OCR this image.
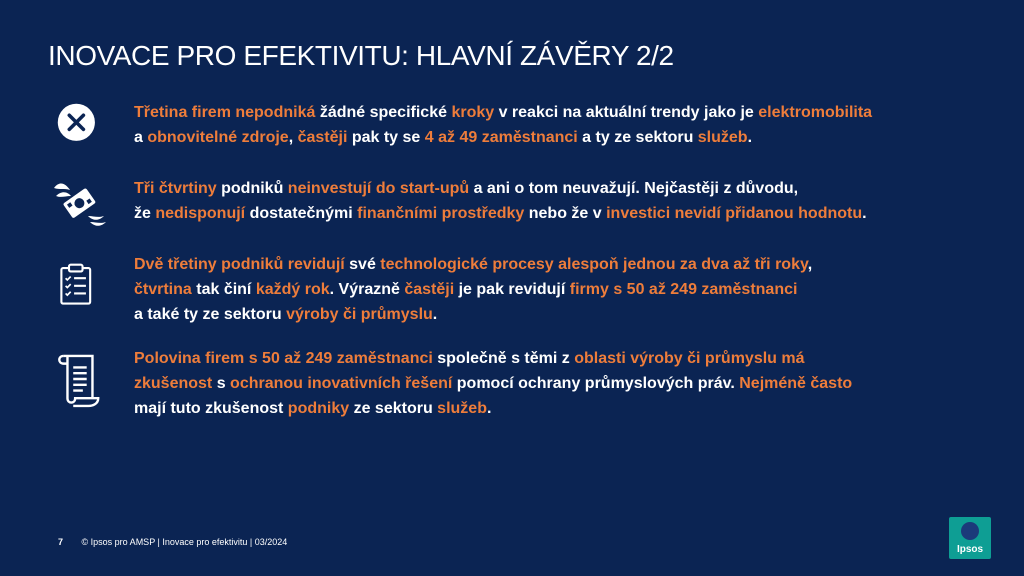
INOVACE PRO EFEKTIVITU: HLAVNÍ ZÁVĚRY 2/2
Třetina firem nepodniká žádné specifické kroky v reakci na aktuální trendy jako je elektromobilita
a obnovitelné zdroje, častěji pak ty se 4 až 49 zaměstnanci a ty ze sektoru služeb.
Tři čtvrtiny podniků neinvestují do start-upů a ani o tom neuvažují. Nejčastěji z důvodu,
že nedisponují dostatečnými finančními prostředky nebo že v investici nevidí přidanou hodnotu.
Dvě třetiny podniků revidují své technologické procesy alespoň jednou za dva až tři roky,
čtvrtina tak činí každý rok. Výrazně častěji je pak revidují firmy s 50 až 249 zaměstnanci
a také ty ze sektoru výroby či průmyslu.
Polovina firem s 50 až 249 zaměstnanci společně s těmi z oblasti výroby či průmyslu má
zkušenost s ochranou inovativních řešení pomocí ochrany průmyslových práv. Nejméně často
mají tuto zkušenost podniky ze sektoru služeb.
7 © Ipsos pro AMSP | Inovace pro efektivitu | 03/2024
Ipsos
